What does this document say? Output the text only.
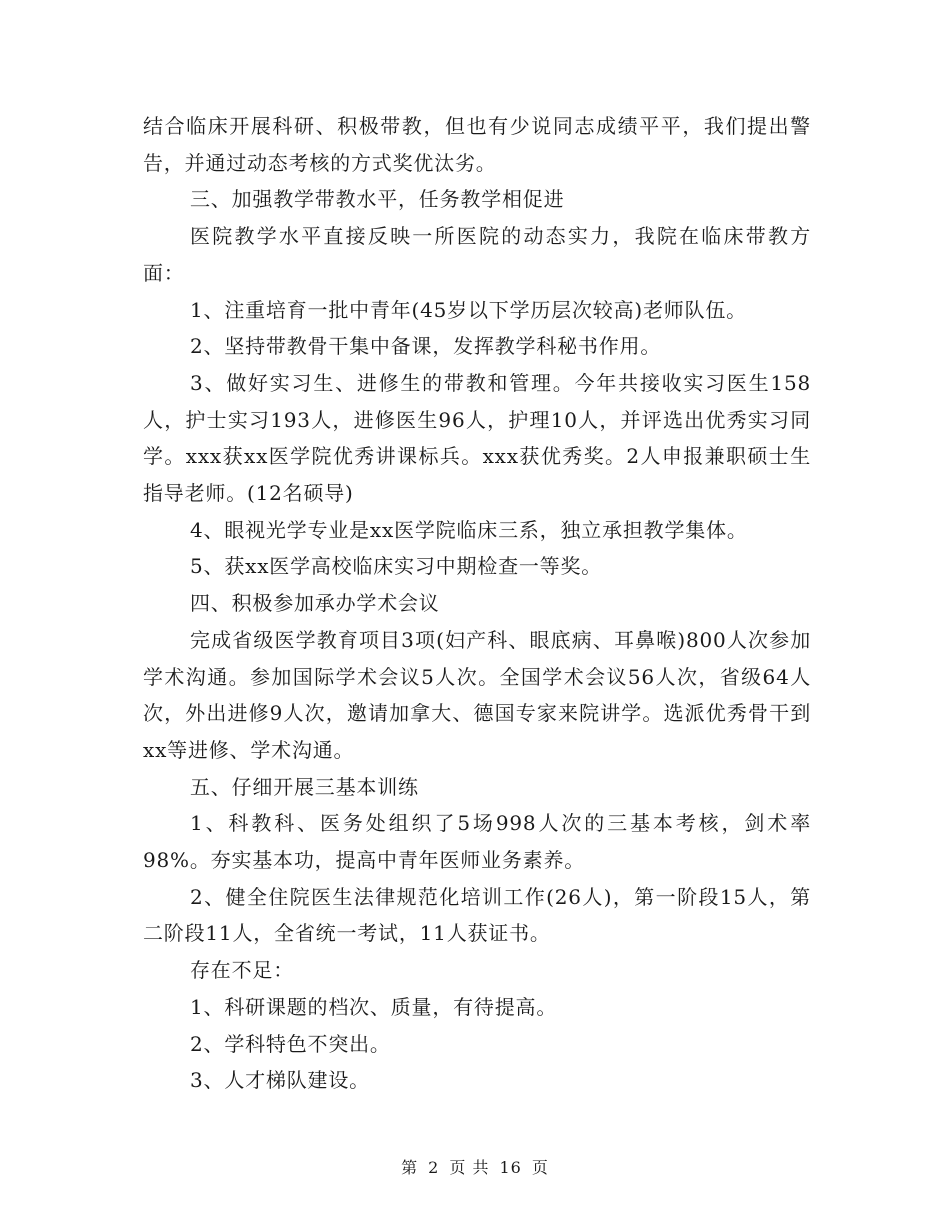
结合临床开展科研、积极带教，但也有少说同志成绩平平，我们提出警告，并通过动态考核的方式奖优汰劣。

三、加强教学带教水平，任务教学相促进

医院教学水平直接反映一所医院的动态实力，我院在临床带教方面：

1、注重培育一批中青年(45岁以下学历层次较高)老师队伍。

2、坚持带教骨干集中备课，发挥教学科秘书作用。

3、做好实习生、进修生的带教和管理。今年共接收实习医生158人，护士实习193人，进修医生96人，护理10人，并评选出优秀实习同学。xxx获xx医学院优秀讲课标兵。xxx获优秀奖。2人申报兼职硕士生指导老师。(12名硕导)

4、眼视光学专业是xx医学院临床三系，独立承担教学集体。

5、获xx医学高校临床实习中期检查一等奖。

四、积极参加承办学术会议

完成省级医学教育项目3项(妇产科、眼底病、耳鼻喉)800人次参加学术沟通。参加国际学术会议5人次。全国学术会议56人次，省级64人次，外出进修9人次，邀请加拿大、德国专家来院讲学。选派优秀骨干到xx等进修、学术沟通。

五、仔细开展三基本训练

1、科教科、医务处组织了5场998人次的三基本考核，剑术率98%。夯实基本功，提高中青年医师业务素养。

2、健全住院医生法律规范化培训工作(26人)，第一阶段15人，第二阶段11人，全省统一考试，11人获证书。

存在不足：

1、科研课题的档次、质量，有待提高。

2、学科特色不突出。

3、人才梯队建设。

第 2 页 共 16 页
